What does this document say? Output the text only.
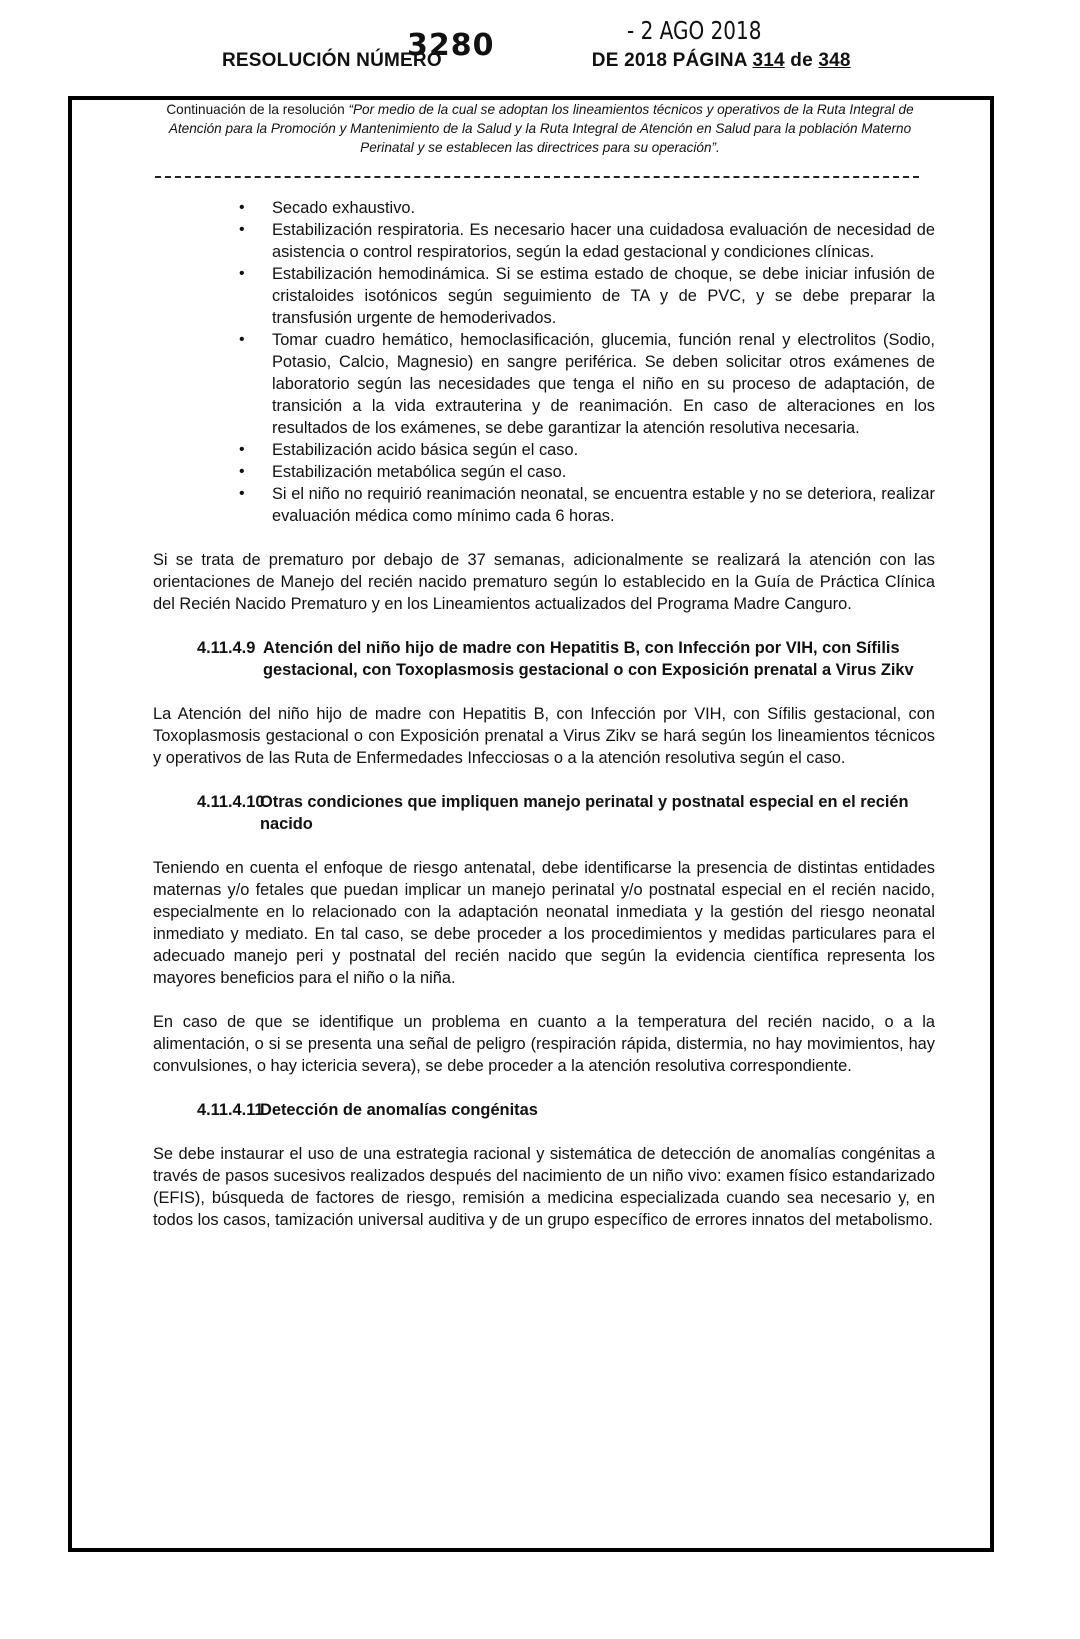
3280	- 2 AGO 2018
RESOLUCIÓN NÚMERO	DE 2018 PÁGINA 314 de 348
Continuación de la resolución “Por medio de la cual se adoptan los lineamientos técnicos y operativos de la Ruta Integral de Atención para la Promoción y Mantenimiento de la Salud y la Ruta Integral de Atención en Salud para la población Materno Perinatal y se establecen las directrices para su operación”.
• Secado exhaustivo.
• Estabilización respiratoria. Es necesario hacer una cuidadosa evaluación de necesidad de asistencia o control respiratorios, según la edad gestacional y condiciones clínicas.
• Estabilización hemodinámica. Si se estima estado de choque, se debe iniciar infusión de cristaloides isotónicos según seguimiento de TA y de PVC, y se debe preparar la transfusión urgente de hemoderivados.
• Tomar cuadro hemático, hemoclasificación, glucemia, función renal y electrolitos (Sodio, Potasio, Calcio, Magnesio) en sangre periférica. Se deben solicitar otros exámenes de laboratorio según las necesidades que tenga el niño en su proceso de adaptación, de transición a la vida extrauterina y de reanimación. En caso de alteraciones en los resultados de los exámenes, se debe garantizar la atención resolutiva necesaria.
• Estabilización acido básica según el caso.
• Estabilización metabólica según el caso.
• Si el niño no requirió reanimación neonatal, se encuentra estable y no se deteriora, realizar evaluación médica como mínimo cada 6 horas.

Si se trata de prematuro por debajo de 37 semanas, adicionalmente se realizará la atención con las orientaciones de Manejo del recién nacido prematuro según lo establecido en la Guía de Práctica Clínica del Recién Nacido Prematuro y en los Lineamientos actualizados del Programa Madre Canguro.

4.11.4.9 Atención del niño hijo de madre con Hepatitis B, con Infección por VIH, con Sífilis gestacional, con Toxoplasmosis gestacional o con Exposición prenatal a Virus Zikv

La Atención del niño hijo de madre con Hepatitis B, con Infección por VIH, con Sífilis gestacional, con Toxoplasmosis gestacional o con Exposición prenatal a Virus Zikv se hará según los lineamientos técnicos y operativos de las Ruta de Enfermedades Infecciosas o a la atención resolutiva según el caso.

4.11.4.10
Otras condiciones que impliquen manejo perinatal y postnatal especial en el recién nacido

Teniendo en cuenta el enfoque de riesgo antenatal, debe identificarse la presencia de distintas entidades maternas y/o fetales que puedan implicar un manejo perinatal y/o postnatal especial en el recién nacido, especialmente en lo relacionado con la adaptación neonatal inmediata y la gestión del riesgo neonatal inmediato y mediato. En tal caso, se debe proceder a los procedimientos y medidas particulares para el adecuado manejo peri y postnatal del recién nacido que según la evidencia científica representa los mayores beneficios para el niño o la niña.

En caso de que se identifique un problema en cuanto a la temperatura del recién nacido, o a la alimentación, o si se presenta una señal de peligro (respiración rápida, distermia, no hay movimientos, hay convulsiones, o hay ictericia severa), se debe proceder a la atención resolutiva correspondiente.

4.11.4.11
Detección de anomalías congénitas

Se debe instaurar el uso de una estrategia racional y sistemática de detección de anomalías congénitas a través de pasos sucesivos realizados después del nacimiento de un niño vivo: examen físico estandarizado (EFIS), búsqueda de factores de riesgo, remisión a medicina especializada cuando sea necesario y, en todos los casos, tamización universal auditiva y de un grupo específico de errores innatos del metabolismo.
